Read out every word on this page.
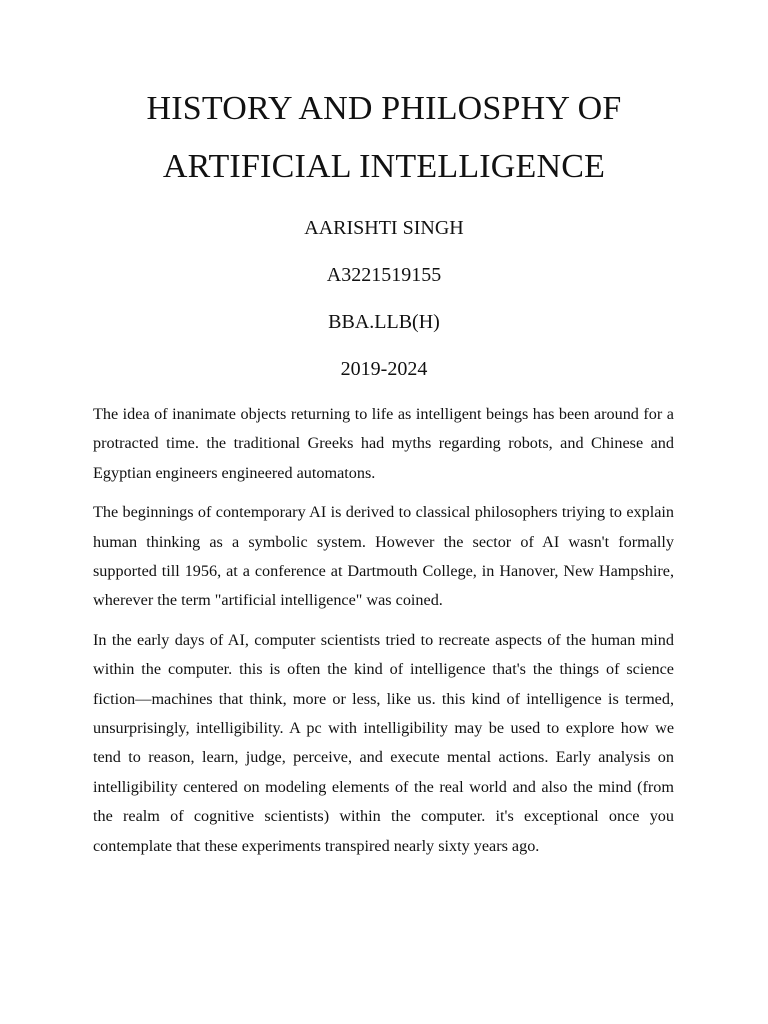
HISTORY AND PHILOSPHY OF
ARTIFICIAL INTELLIGENCE

AARISHTI SINGH

A3221519155

BBA.LLB(H)

2019-2024

The idea of inanimate objects returning to life as intelligent beings has been around for a protracted time. the traditional Greeks had myths regarding robots, and Chinese and Egyptian engineers engineered automatons.

The beginnings of contemporary AI is derived to classical philosophers triying to explain human thinking as a symbolic system. However the sector of AI wasn't formally supported till 1956, at a conference at Dartmouth College, in Hanover, New Hampshire, wherever the term "artificial intelligence" was coined.

In the early days of AI, computer scientists tried to recreate aspects of the human mind within the computer. this is often the kind of intelligence that's the things of science fiction—machines that think, more or less, like us. this kind of intelligence is termed, unsurprisingly, intelligibility. A pc with intelligibility may be used to explore how we tend to reason, learn, judge, perceive, and execute mental actions. Early analysis on intelligibility centered on modeling elements of the real world and also the mind (from the realm of cognitive scientists) within the computer. it's exceptional once you contemplate that these experiments transpired nearly sixty years ago.
